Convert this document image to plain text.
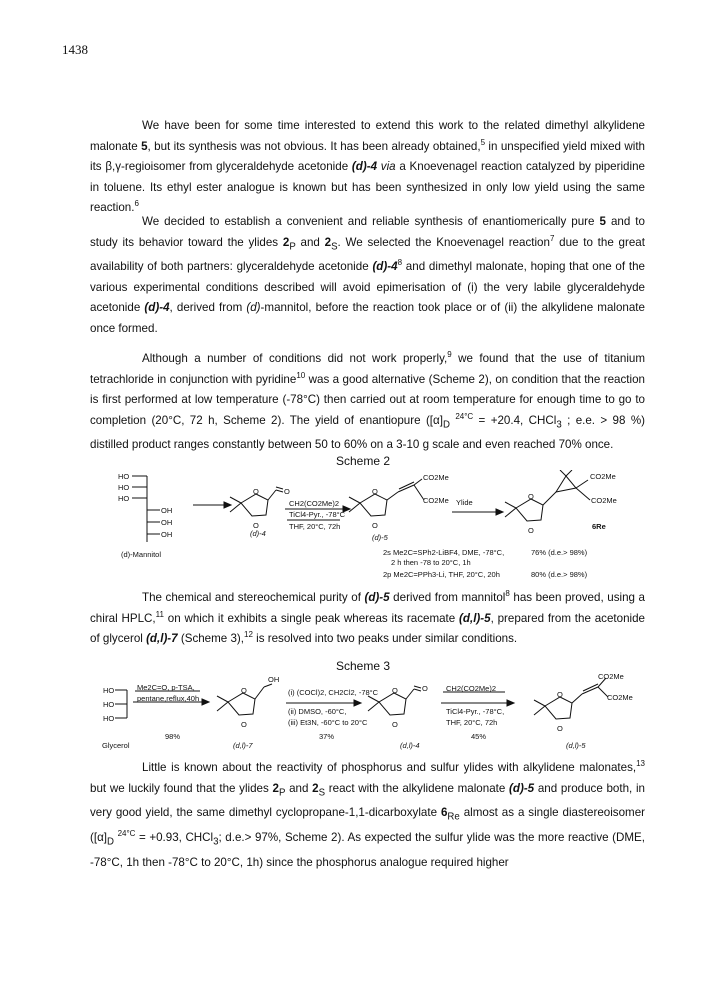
1438

We have been for some time interested to extend this work to the related dimethyl alkylidene malonate 5, but its synthesis was not obvious. It has been already obtained,$^5$ in unspecified yield mixed with its β,γ-regioisomer from glyceraldehyde acetonide (d)-4 via a Knoevenagel reaction catalyzed by piperidine in toluene. Its ethyl ester analogue is known but has been synthesized in only low yield using the same reaction.$^6$

We decided to establish a convenient and reliable synthesis of enantiomerically pure 5 and to study its behavior toward the ylides $2_P$ and $2_S$. We selected the Knoevenagel reaction$^7$ due to the great availability of both partners: glyceraldehyde acetonide $(d)-4^8$ and dimethyl malonate, hoping that one of the various experimental conditions described will avoid epimerisation of (i) the very labile glyceraldehyde acetonide (d)-4, derived from (d)-mannitol, before the reaction took place or of (ii) the alkylidene malonate once formed.

Although a number of conditions did not work properly,$^9$ we found that the use of titanium tetrachloride in conjunction with pyridine$^{10}$ was a good alternative (Scheme 2), on condition that the reaction is first performed at low temperature (-78°C) then carried out at room temperature for enough time to go to completion (20°C, 72 h, Scheme 2). The yield of enantiopure ($[\alpha]_D$ $^{24^\circ C}$ = +20.4, CHCl$_3$ ; e.e. > 98 %) distilled product ranges constantly between 50 to 60% on a 3-10 g scale and even reached 70% once.

Scheme 2
HO
HO
HO
OH
OH
OH
(d)-Mannitol
O	O
O
(d)-4
CH2(CO2Me)2
TiCl4-Pyr., -78°C
THF, 20°C, 72h
O
O
CO2Me
CO2Me
(d)-5
Ylide
O
O
CO2Me
CO2Me
6Re
2s Me2C=SPh2-LiBF4, DME, -78°C,
2 h then -78 to 20°C, 1h
76% (d.e.> 98%)
2p Me2C=PPh3-Li, THF, 20°C, 20h	80% (d.e.> 98%)

The chemical and stereochemical purity of (d)-5 derived from mannitol$^8$ has been proved, using a chiral HPLC,$^{11}$ on which it exhibits a single peak whereas its racemate (d,l)-5, prepared from the acetonide of glycerol (d,l)-7 (Scheme 3),$^{12}$ is resolved into two peaks under similar conditions.

Scheme 3
HO
HO
HO
Glycerol
Me2C=O, p-TSA,
pentane,reflux,40h
98%
O
O
OH
(d,l)-7
(i) (COCl)2, CH2Cl2, -78°C
(ii) DMSO, -60°C,
(iii) Et3N, -60°C to 20°C
37%
O
O
O
(d,l)-4
CH2(CO2Me)2
TiCl4-Pyr., -78°C,
THF, 20°C, 72h
45%
O
O
CO2Me
CO2Me
(d,l)-5

Little is known about the reactivity of phosphorus and sulfur ylides with alkylidene malonates,$^{13}$ but we luckily found that the ylides $2_P$ and $2_S$ react with the alkylidene malonate (d)-5 and produce both, in very good yield, the same dimethyl cyclopropane-1,1-dicarboxylate $6_{Re}$ almost as a single diastereoisomer ($[\alpha]_D$ $^{24^\circ C}$ = +0.93, CHCl$_3$; d.e.> 97%, Scheme 2). As expected the sulfur ylide was the more reactive (DME, -78°C, 1h then -78°C to 20°C, 1h) since the phosphorus analogue required higher
